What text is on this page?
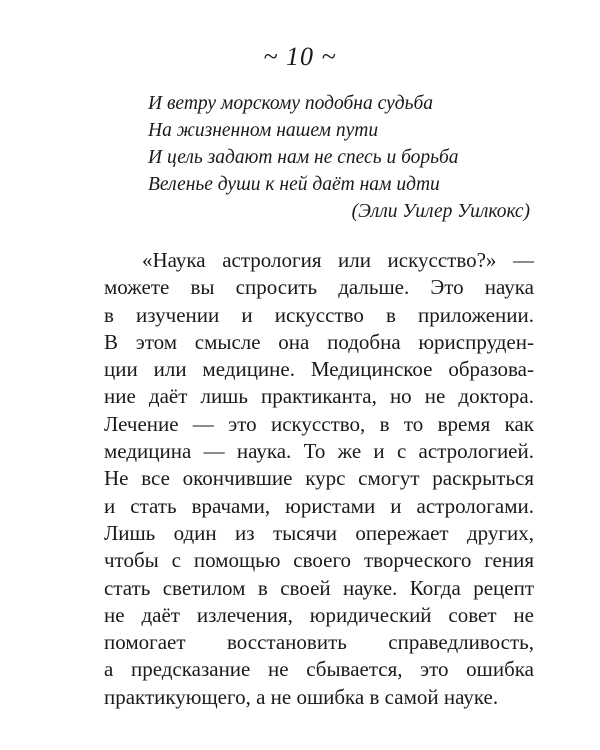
~ 10 ~
И ветру морскому подобна судьба
На жизненном нашем пути
И цель задают нам не спесь и борьба
Веленье души к ней даёт нам идти
(Элли Уилер Уилкокс)
«Наука астрология или искусство?» —
можете вы спросить дальше. Это наука
в изучении и искусство в приложении.
В этом смысле она подобна юриспруден-
ции или медицине. Медицинское образова-
ние даёт лишь практиканта, но не доктора.
Лечение — это искусство, в то время как
медицина — наука. То же и с астрологией.
Не все окончившие курс смогут раскрыться
и стать врачами, юристами и астрологами.
Лишь один из тысячи опережает других,
чтобы с помощью своего творческого гения
стать светилом в своей науке. Когда рецепт
не даёт излечения, юридический совет не
помогает восстановить справедливость,
а предсказание не сбывается, это ошибка
практикующего, а не ошибка в самой науке.
